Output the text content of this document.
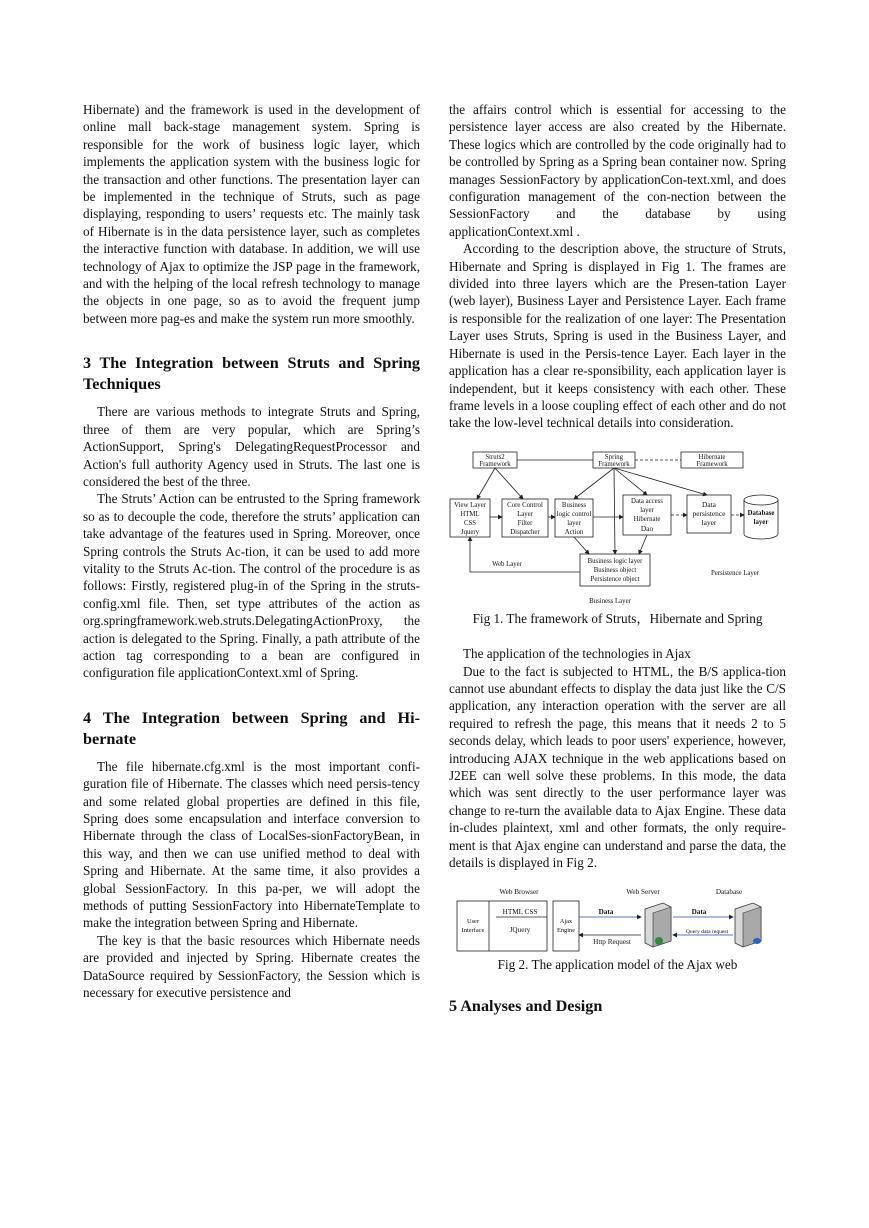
Hibernate) and the framework is used in the development of online mall back-stage management system. Spring is responsible for the work of business logic layer, which implements the application system with the business logic for the transaction and other functions. The presentation layer can be implemented in the technique of Struts, such as page displaying, responding to users’ requests etc. The mainly task of Hibernate is in the data persistence layer, such as completes the interactive function with database. In addition, we will use technology of Ajax to optimize the JSP page in the framework, and with the helping of the local refresh technology to manage the objects in one page, so as to avoid the frequent jump between more pag-es and make the system run more smoothly.

3 The Integration between Struts and Spring Techniques

There are various methods to integrate Struts and Spring, three of them are very popular, which are Spring’s ActionSupport, Spring's DelegatingRequestProcessor and Action's full authority Agency used in Struts. The last one is considered the best of the three.

The Struts’ Action can be entrusted to the Spring framework so as to decouple the code, therefore the struts’ application can take advantage of the features used in Spring. Moreover, once Spring controls the Struts Ac-tion, it can be used to add more vitality to the Struts Ac-tion. The control of the procedure is as follows: Firstly, registered plug-in of the Spring in the struts-config.xml file. Then, set type attributes of the action as org.springframework.web.struts.DelegatingActionProxy, the action is delegated to the Spring. Finally, a path attribute of the action tag corresponding to a bean are configured in configuration file applicationContext.xml of Spring.

4 The Integration between Spring and Hi-bernate

The file hibernate.cfg.xml is the most important confi-guration file of Hibernate. The classes which need persis-tency and some related global properties are defined in this file, Spring does some encapsulation and interface conversion to Hibernate through the class of LocalSes-sionFactoryBean, in this way, and then we can use unified method to deal with Spring and Hibernate. At the same time, it also provides a global SessionFactory. In this pa-per, we will adopt the methods of putting SessionFactory into HibernateTemplate to make the integration between Spring and Hibernate.

The key is that the basic resources which Hibernate needs are provided and injected by Spring. Hibernate creates the DataSource required by SessionFactory, the Session which is necessary for executive persistence and

the affairs control which is essential for accessing to the persistence layer access are also created by the Hibernate. These logics which are controlled by the code originally had to be controlled by Spring as a Spring bean container now. Spring manages SessionFactory by applicationCon-text.xml, and does configuration management of the con-nection between the SessionFactory and the database by using applicationContext.xml .

According to the description above, the structure of Struts, Hibernate and Spring is displayed in Fig 1. The frames are divided into three layers which are the Presen-tation Layer (web layer), Business Layer and Persistence Layer. Each frame is responsible for the realization of one layer: The Presentation Layer uses Struts, Spring is used in the Business Layer, and Hibernate is used in the Persis-tence Layer. Each layer in the application has a clear re-sponsibility, each application layer is independent, but it keeps consistency with each other. These frame levels in a loose coupling effect of each other and do not take the low-level technical details into consideration.

Struts2
Framework
Spring
Framework
Hibernate
Framework
View Layer
HTML
CSS
Jquery
Core Control
Layer
Filter
Dispatcher
Business
logic control
layer
Action
Data access
layer
Hibernate
Dao
Data
persistence
layer
Database
layer
Web Layer	Business logic layer
Business object
Persistence object
Persistence Layer
Business Layer
Fig 1. The framework of Struts，Hibernate and Spring

The application of the technologies in Ajax

Due to the fact is subjected to HTML, the B/S applica-tion cannot use abundant effects to display the data just like the C/S application, any interaction operation with the server are all required to refresh the page, this means that it needs 2 to 5 seconds delay, which leads to poor users' experience, however, introducing AJAX technique in the web applications based on J2EE can well solve these problems. In this mode, the data which was sent directly to the user performance layer was change to re-turn the available data to Ajax Engine. These data in-cludes plaintext, xml and other formats, the only require-ment is that Ajax engine can understand and parse the data, the details is displayed in Fig 2.

Web Browser	Web Server	Database
User
Interface
HTML CSS
JQuery
Ajax
Engine
Data	Data
Http Request
Query data request
Fig 2. The application model of the Ajax web
5 Analyses and Design
